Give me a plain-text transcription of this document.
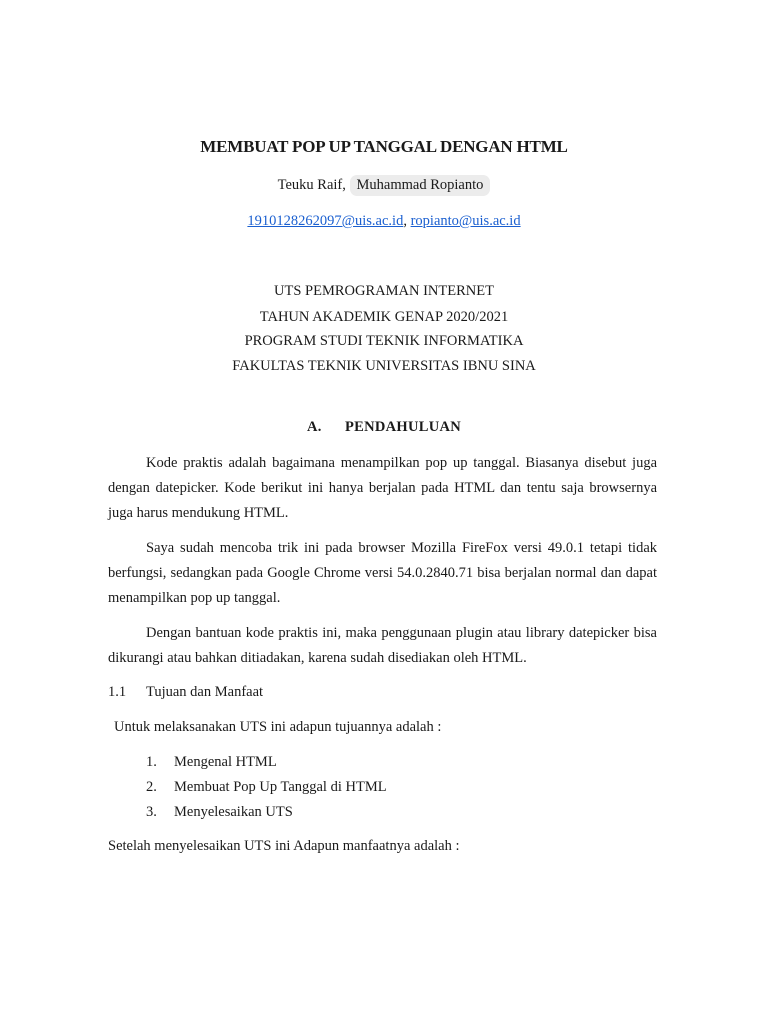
MEMBUAT POP UP TANGGAL DENGAN HTML
Teuku Raif, Muhammad Ropianto
1910128262097@uis.ac.id, ropianto@uis.ac.id
UTS PEMROGRAMAN INTERNET
TAHUN AKADEMIK GENAP 2020/2021
PROGRAM STUDI TEKNIK INFORMATIKA
FAKULTAS TEKNIK UNIVERSITAS IBNU SINA
A. PENDAHULUAN

Kode praktis adalah bagaimana menampilkan pop up tanggal. Biasanya disebut juga dengan datepicker. Kode berikut ini hanya berjalan pada HTML dan tentu saja browsernya juga harus mendukung HTML.

Saya sudah mencoba trik ini pada browser Mozilla FireFox versi 49.0.1 tetapi tidak berfungsi, sedangkan pada Google Chrome versi 54.0.2840.71 bisa berjalan normal dan dapat menampilkan pop up tanggal.

Dengan bantuan kode praktis ini, maka penggunaan plugin atau library datepicker bisa dikurangi atau bahkan ditiadakan, karena sudah disediakan oleh HTML.

1.1 Tujuan dan Manfaat
Untuk melaksanakan UTS ini adapun tujuannya adalah :
1. Mengenal HTML
2. Membuat Pop Up Tanggal di HTML
3. Menyelesaikan UTS
Setelah menyelesaikan UTS ini Adapun manfaatnya adalah :
